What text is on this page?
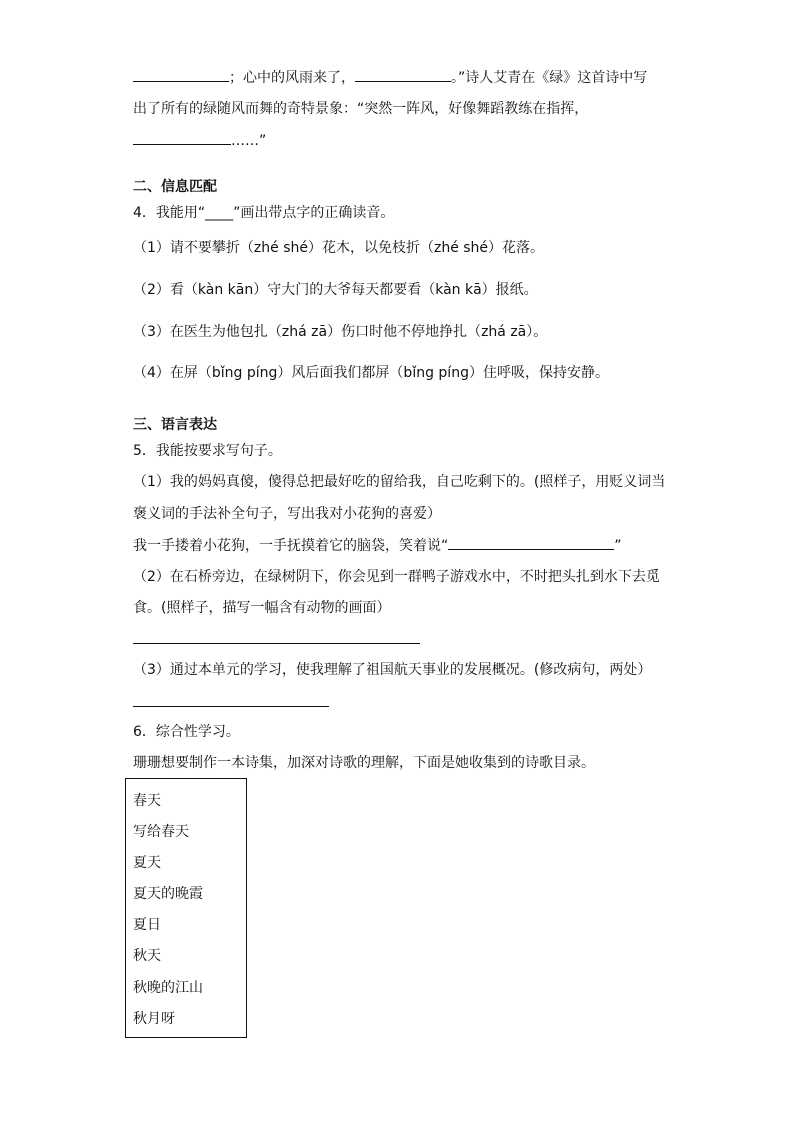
；心中的风雨来了，	。”诗人艾青在《绿》这首诗中写
出了所有的绿随风而舞的奇特景象：“突然一阵风，好像舞蹈教练在指挥，
……”
二、信息匹配
4．我能用“____”画出带点字的正确读音。
（1）请不要攀折（zhé shé）花木，以免枝折（zhé shé）花落。
（2）看（kàn kān）守大门的大爷每天都要看（kàn kā）报纸。
（3）在医生为他包扎（zhá zā）伤口时他不停地挣扎（zhá zā）。
（4）在屏（bǐng píng）风后面我们都屏（bǐng píng）住呼吸，保持安静。
三、语言表达
5．我能按要求写句子。
（1）我的妈妈真傻，傻得总把最好吃的留给我，自己吃剩下的。(照样子，用贬义词当
褒义词的手法补全句子，写出我对小花狗的喜爱）
我一手搂着小花狗，一手抚摸着它的脑袋，笑着说“	”
（2）在石桥旁边，在绿树阴下，你会见到一群鸭子游戏水中，不时把头扎到水下去觅
食。(照样子，描写一幅含有动物的画面）
（3）通过本单元的学习，使我理解了祖国航天事业的发展概况。(修改病句，两处）
6．综合性学习。
珊珊想要制作一本诗集，加深对诗歌的理解，下面是她收集到的诗歌目录。
春天
写给春天
夏天
夏天的晚霞
夏日
秋天
秋晚的江山
秋月呀
